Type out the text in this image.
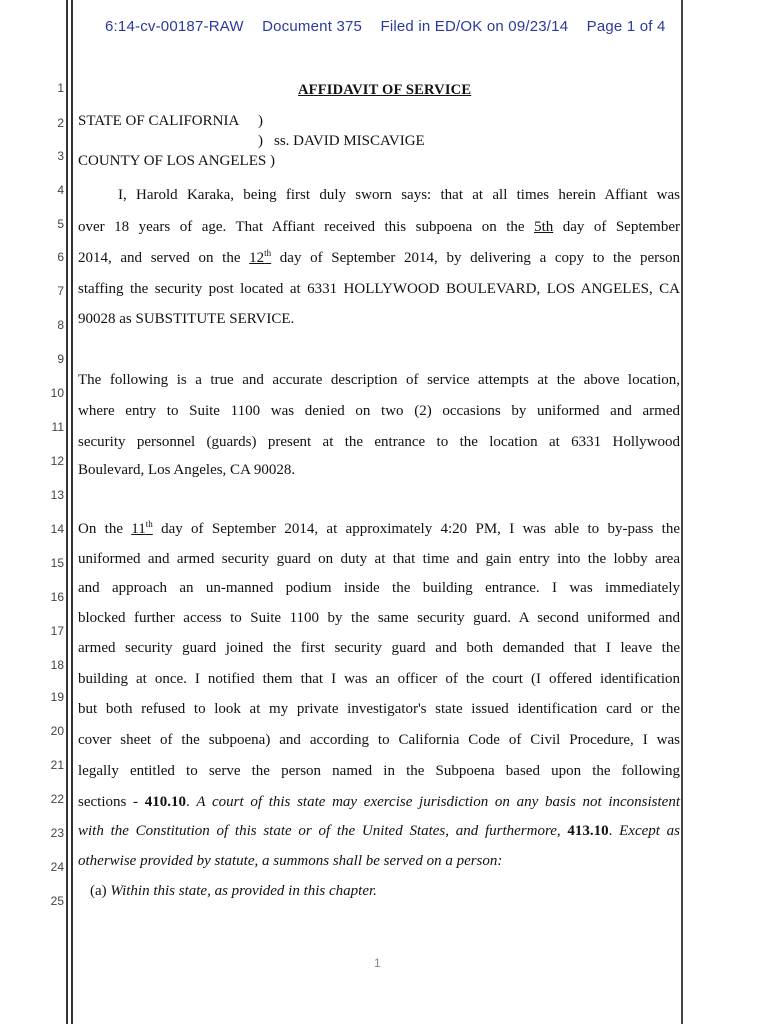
6:14-cv-00187-RAW Document 375 Filed in ED/OK on 09/23/14 Page 1 of 4
1
2
3
4
5
6
7
8
9
10
11
12
13
14
15
16
17
18
19
20
21
22
23
24
25
AFFIDAVIT OF SERVICE
STATE OF CALIFORNIA )
) ss. DAVID MISCAVIGE
COUNTY OF LOS ANGELES )
I, Harold Karaka, being first duly sworn says: that at all times herein Affiant was
over 18 years of age. That Affiant received this subpoena on the 5th day of September
2014, and served on the 12th day of September 2014, by delivering a copy to the person
staffing the security post located at 6331 HOLLYWOOD BOULEVARD, LOS ANGELES, CA
90028 as SUBSTITUTE SERVICE.
The following is a true and accurate description of service attempts at the above location,
where entry to Suite 1100 was denied on two (2) occasions by uniformed and armed
security personnel (guards) present at the entrance to the location at 6331 Hollywood
Boulevard, Los Angeles, CA 90028.
On the 11th day of September 2014, at approximately 4:20 PM, I was able to by-pass the
uniformed and armed security guard on duty at that time and gain entry into the lobby area
and approach an un-manned podium inside the building entrance. I was immediately
blocked further access to Suite 1100 by the same security guard. A second uniformed and
armed security guard joined the first security guard and both demanded that I leave the
building at once. I notified them that I was an officer of the court (I offered identification
but both refused to look at my private investigator's state issued identification card or the
cover sheet of the subpoena) and according to California Code of Civil Procedure, I was
legally entitled to serve the person named in the Subpoena based upon the following
sections - 410.10. A court of this state may exercise jurisdiction on any basis not inconsistent
with the Constitution of this state or of the United States, and furthermore, 413.10. Except as
otherwise provided by statute, a summons shall be served on a person:
(a) Within this state, as provided in this chapter.
1
